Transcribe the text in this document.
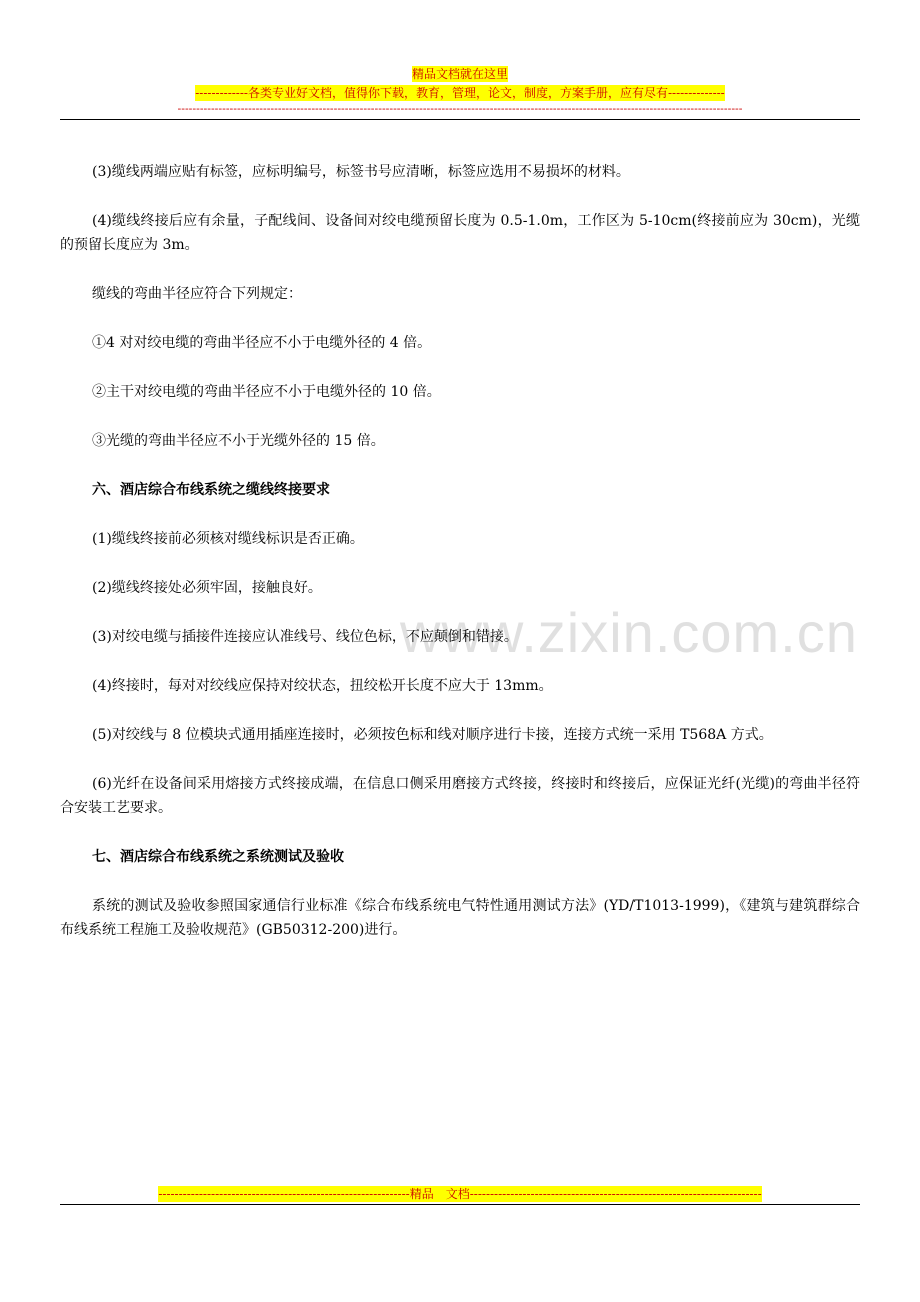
精品文档就在这里
-------------各类专业好文档，值得你下载，教育，管理，论文，制度，方案手册，应有尽有--------------
--------------------------------------------------------------------------------------------------------------------------------------------------------
www.zixin.com.cn

(3)缆线两端应贴有标签，应标明编号，标签书号应清晰，标签应选用不易损坏的材料。

(4)缆线终接后应有余量，子配线间、设备间对绞电缆预留长度为 0.5-1.0m，工作区为 5-10cm(终接前应为 30cm)，光缆的预留长度应为 3m。

缆线的弯曲半径应符合下列规定：

①4 对对绞电缆的弯曲半径应不小于电缆外径的 4 倍。

②主干对绞电缆的弯曲半径应不小于电缆外径的 10 倍。

③光缆的弯曲半径应不小于光缆外径的 15 倍。

六、酒店综合布线系统之缆线终接要求

(1)缆线终接前必须核对缆线标识是否正确。

(2)缆线终接处必须牢固，接触良好。

(3)对绞电缆与插接件连接应认准线号、线位色标，不应颠倒和错接。

(4)终接时，每对对绞线应保持对绞状态，扭绞松开长度不应大于 13mm。

(5)对绞线与 8 位模块式通用插座连接时，必须按色标和线对顺序进行卡接，连接方式统一采用 T568A 方式。

(6)光纤在设备间采用熔接方式终接成端，在信息口侧采用磨接方式终接，终接时和终接后，应保证光纤(光缆)的弯曲半径符合安装工艺要求。

七、酒店综合布线系统之系统测试及验收

系统的测试及验收参照国家通信行业标准《综合布线系统电气特性通用测试方法》(YD/T1013-1999)，《建筑与建筑群综合布线系统工程施工及验收规范》(GB50312-200)进行。

--------------------------------------------------------------精品　文档------------------------------------------------------------------------
